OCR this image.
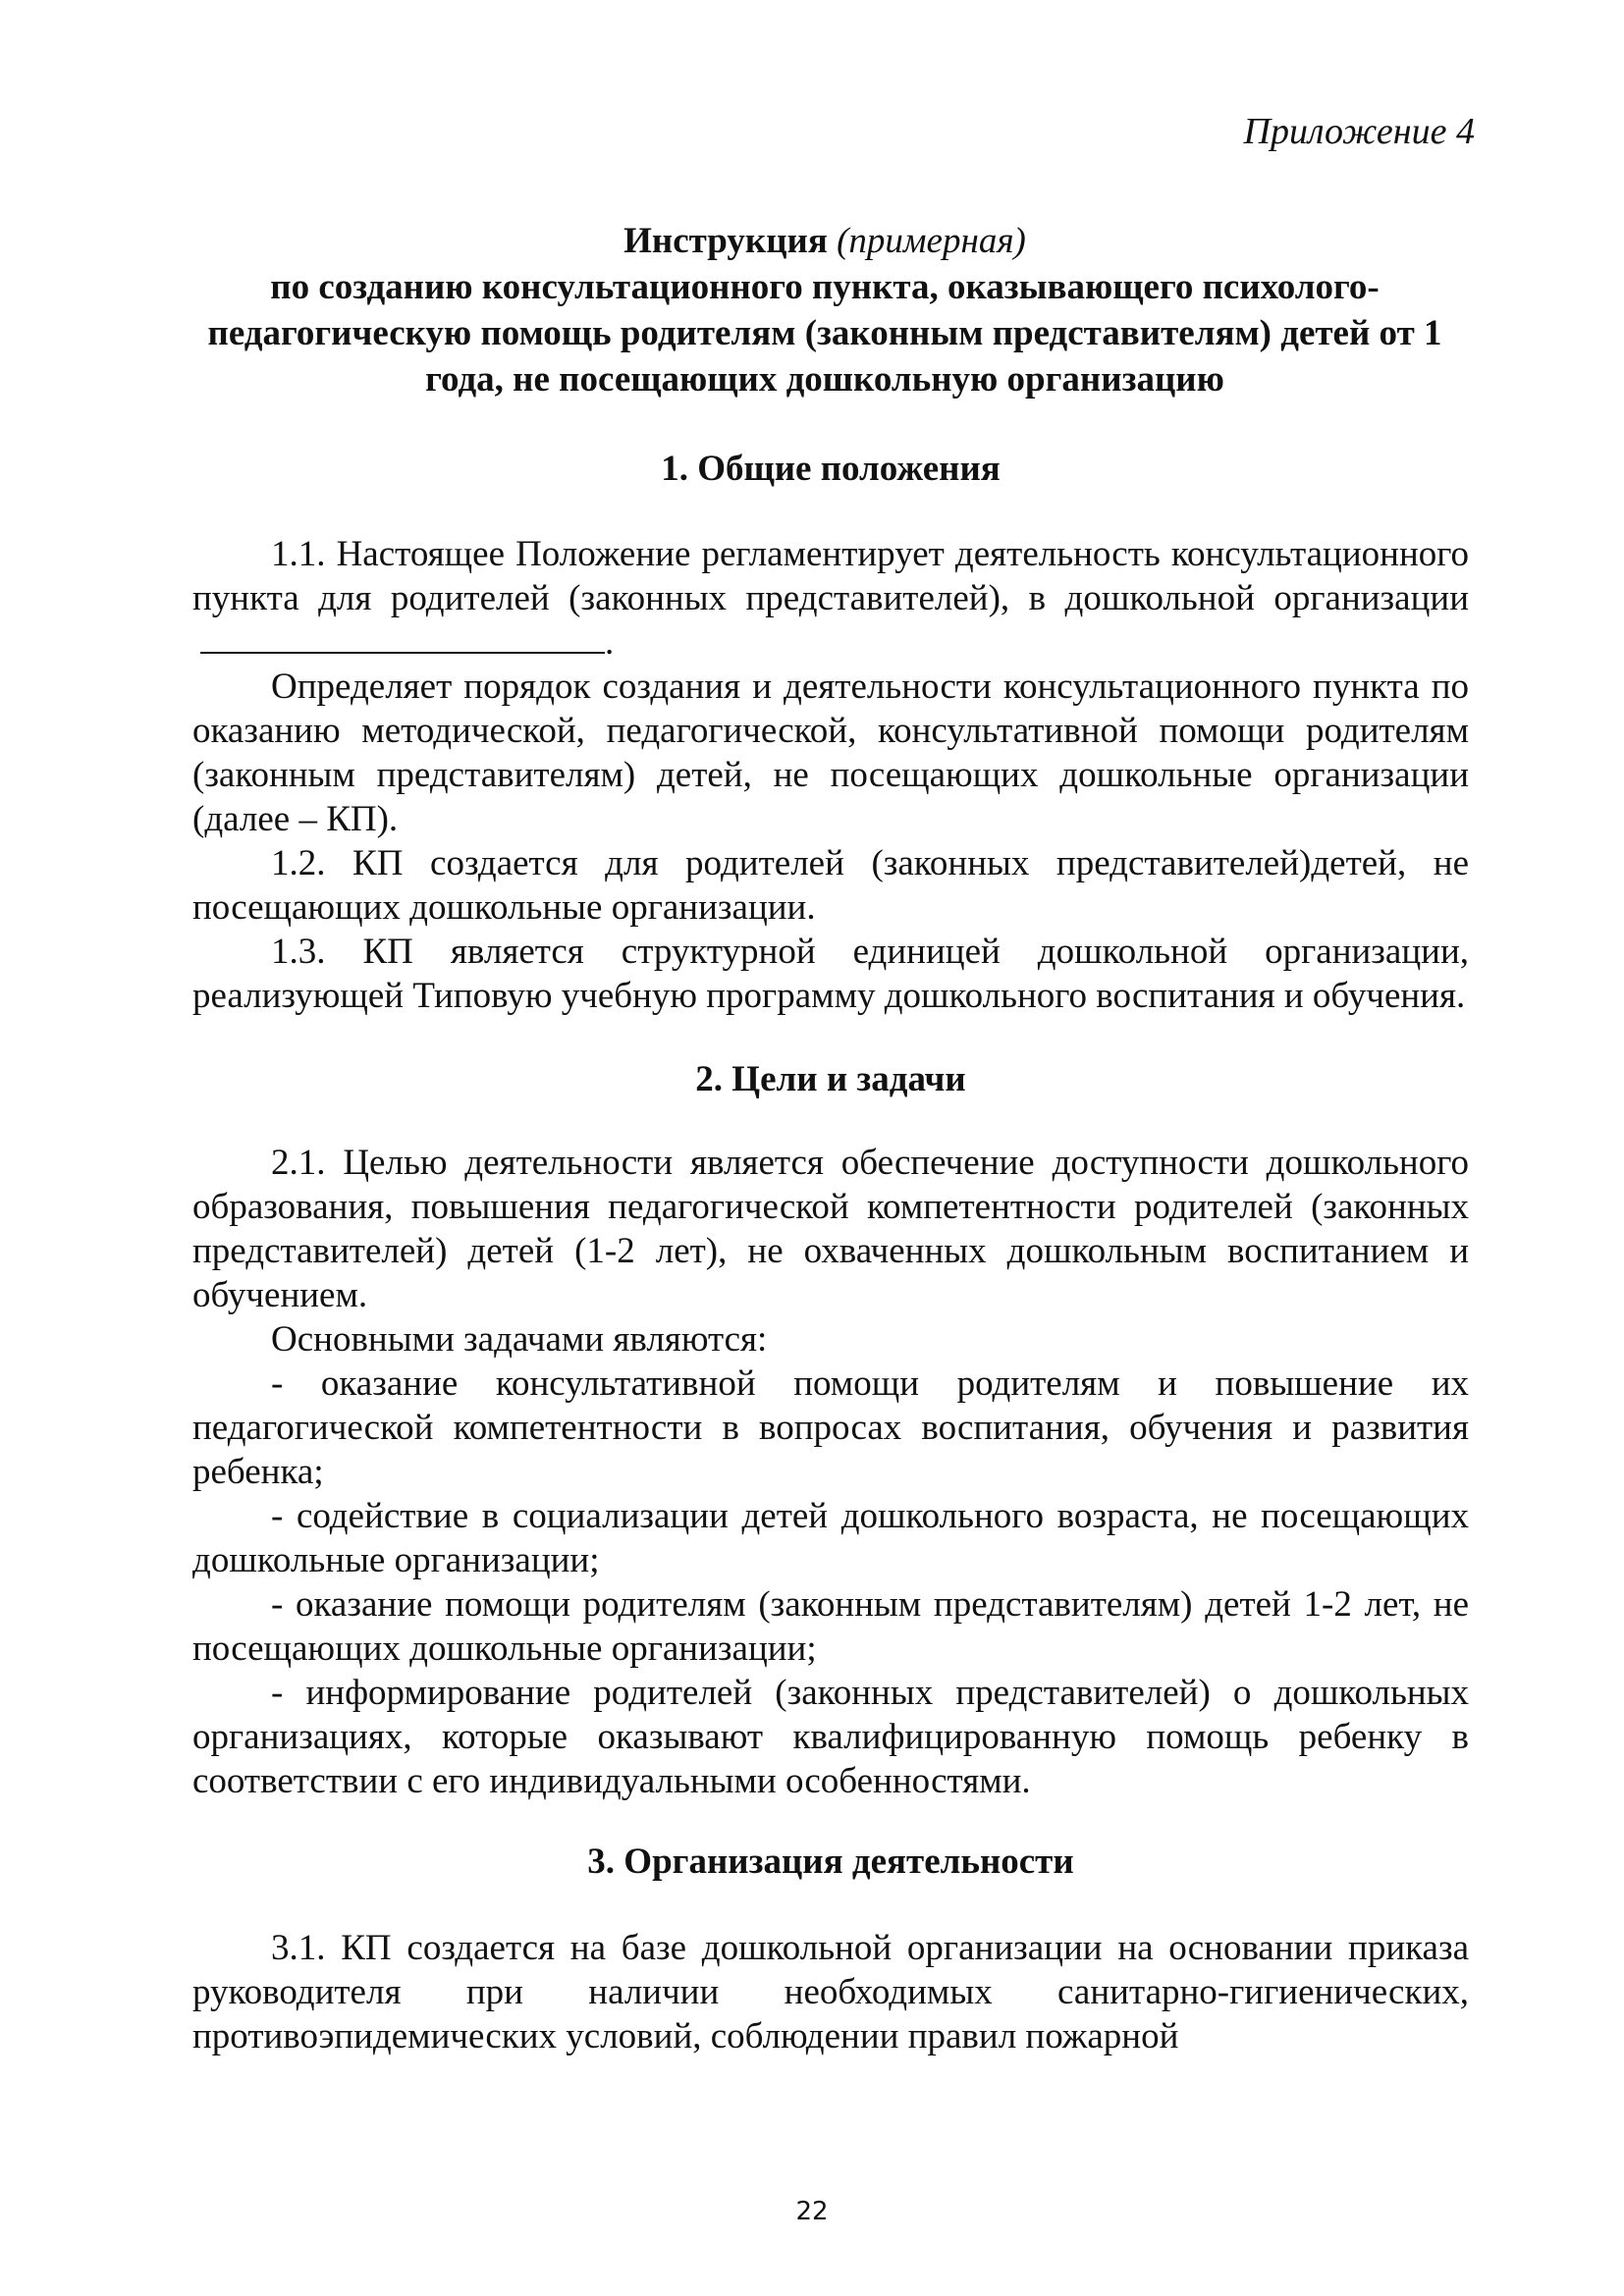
Приложение 4
Инструкция (примерная)
по созданию консультационного пункта, оказывающего психолого-педагогическую помощь родителям (законным представителям) детей от 1 года, не посещающих дошкольную организацию
1. Общие положения

1.1. Настоящее Положение регламентирует деятельность консультационного пункта для родителей (законных представителей), в дошкольной организации.

Определяет порядок создания и деятельности консультационного пункта по оказанию методической, педагогической, консультативной помощи родителям (законным представителям) детей, не посещающих дошкольные организации (далее – КП).

1.2. КП создается для родителей (законных представителей)детей, не посещающих дошкольные организации.

1.3. КП является структурной единицей дошкольной организации, реализующей Типовую учебную программу дошкольного воспитания и обучения.

2. Цели и задачи

2.1. Целью деятельности является обеспечение доступности дошкольного образования, повышения педагогической компетентности родителей (законных представителей) детей (1-2 лет), не охваченных дошкольным воспитанием и обучением.

Основными задачами являются:

- оказание консультативной помощи родителям и повышение их педагогической компетентности в вопросах воспитания, обучения и развития ребенка;

- содействие в социализации детей дошкольного возраста, не посещающих дошкольные организации;

- оказание помощи родителям (законным представителям) детей 1-2 лет, не посещающих дошкольные организации;

- информирование родителей (законных представителей) о дошкольных организациях, которые оказывают квалифицированную помощь ребенку в соответствии с его индивидуальными особенностями.

3. Организация деятельности

3.1. КП создается на базе дошкольной организации на основании приказа руководителя при наличии необходимых санитарно-гигиенических, противоэпидемических условий, соблюдении правил пожарной

22
